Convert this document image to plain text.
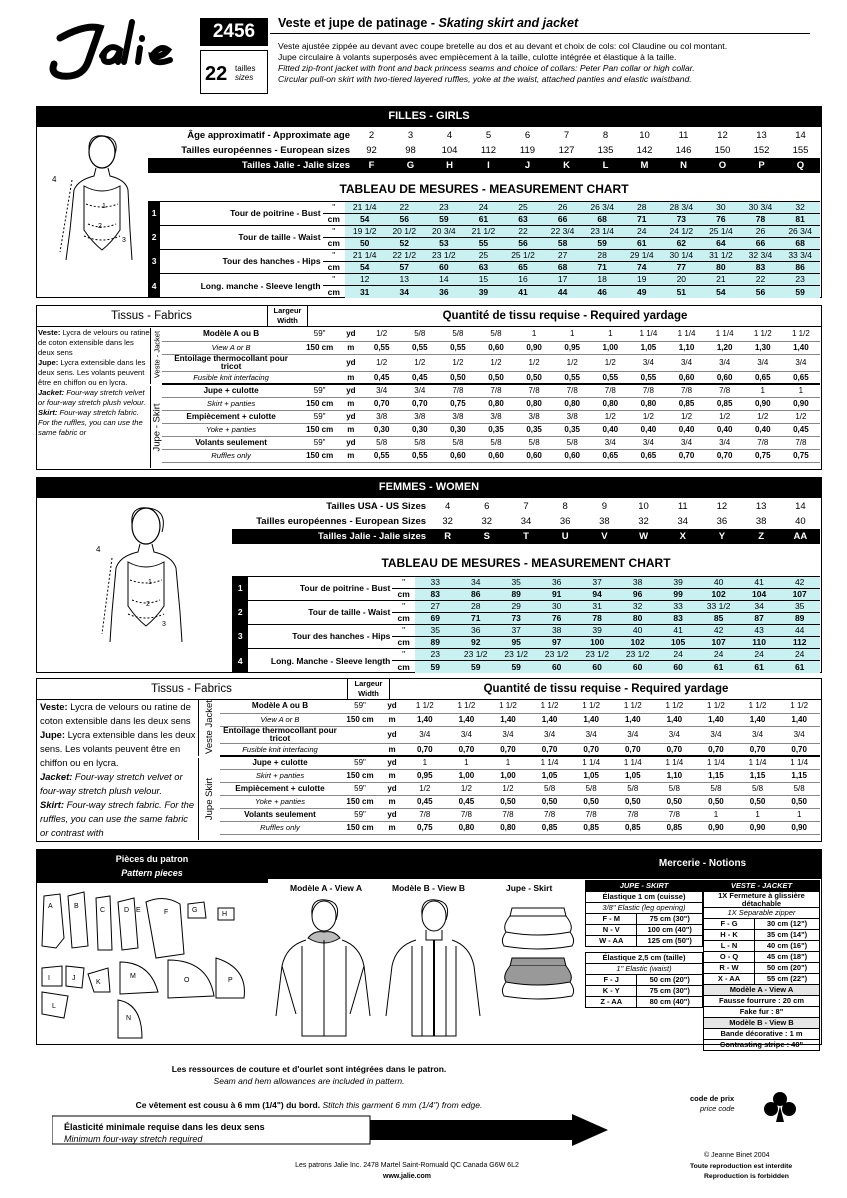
2456
22 tailles
sizes
Veste et jupe de patinage - Skating skirt and jacket
Veste ajustée zippée au devant avec coupe bretelle au dos et au devant et choix de cols: col Claudine ou col montant.
Jupe circulaire à volants superposés avec empiècement à la taille, culotte intégrée et élastique à la taille.
Fitted zip-front jacket with front and back princess seams and choice of collars: Peter Pan collar or high collar.
Circular pull-on skirt with two-tiered layered ruffles, yoke at the waist, attached panties and elastic waistband.
FILLES - GIRLS
4
1
2
3
Âge approximatif - Approximate age	2	3	4	5	6	7	8	10	11	12	13	14
Tailles européennes - European sizes	92	98	104	112	119	127	135	142	146	150	152	155
Tailles Jalie - Jalie sizes	F	G	H	I	J	K	L	M	N	O	P	Q
TABLEAU DE MESURES - MEASUREMENT CHART
1	Tour de poitrine - Bust	"	21 1/4	22	23	24	25	26	26 3/4	28	28 3/4	30	30 3/4	32
		cm	54	56	59	61	63	66	68	71	73	76	78	81
2	Tour de taille - Waist	"	19 1/2	20 1/2	20 3/4	21 1/2	22	22 3/4	23 1/4	24	24 1/2	25 1/4	26	26 3/4
		cm	50	52	53	55	56	58	59	61	62	64	66	68
3	Tour des hanches - Hips	"	21 1/4	22 1/2	23 1/2	25	25 1/2	27	28	29 1/4	30 1/4	31 1/2	32 3/4	33 3/4
		cm	54	57	60	63	65	68	71	74	77	80	83	86
4	Long. manche - Sleeve length	"	12	13	14	15	16	17	18	19	20	21	22	23
		cm	31	34	36	39	41	44	46	49	51	54	56	59
Tissus - Fabrics	Largeur Width	Quantité de tissu requise - Required yardage
Veste: Lycra de velours ou ratine de coton extensible dans les deux sens
Jupe: Lycra extensible dans les deux sens. Les volants peuvent être en chiffon ou en lycra.
Jacket: Four-way stretch velvet or four-way stretch plush velour.
Skirt: Four-way stretch fabric. For the ruffles, you can use the same fabric or
Veste - Jacket
Jupe - Skirt
Modèle A ou B	59"	yd	1/2	5/8	5/8	5/8	1	1	1	1 1/4	1 1/4	1 1/4	1 1/2	1 1/2
View A or B	150 cm	m	0,55	0,55	0,55	0,60	0,90	0,95	1,00	1,05	1,10	1,20	1,30	1,40
Entoilage thermocollant pour tricot		yd	1/2	1/2	1/2	1/2	1/2	1/2	1/2	3/4	3/4	3/4	3/4	3/4
Fusible knit interfacing		m	0,45	0,45	0,50	0,50	0,50	0,55	0,55	0,55	0,60	0,60	0,65	0,65
Jupe + culotte	59"	yd	3/4	3/4	7/8	7/8	7/8	7/8	7/8	7/8	7/8	7/8	1	1
Skirt + panties	150 cm	m	0,70	0,70	0,75	0,80	0,80	0,80	0,80	0,80	0,85	0,85	0,90	0,90
Empiècement + culotte	59"	yd	3/8	3/8	3/8	3/8	3/8	3/8	1/2	1/2	1/2	1/2	1/2	1/2
Yoke + panties	150 cm	m	0,30	0,30	0,30	0,35	0,35	0,35	0,40	0,40	0,40	0,40	0,40	0,45
Volants seulement	59"	yd	5/8	5/8	5/8	5/8	5/8	5/8	3/4	3/4	3/4	3/4	7/8	7/8
Ruffles only	150 cm	m	0,55	0,55	0,60	0,60	0,60	0,60	0,65	0,65	0,70	0,70	0,75	0,75
FEMMES - WOMEN
4
1
2
3
Tailles USA - US Sizes	4	6	7	8	9	10	11	12	13	14
Tailles européennes - European Sizes	32	32	34	36	38	32	34	36	38	40
Tailles Jalie - Jalie sizes	R	S	T	U	V	W	X	Y	Z	AA
TABLEAU DE MESURES - MEASUREMENT CHART
1	Tour de poitrine - Bust	"	33	34	35	36	37	38	39	40	41	42
		cm	83	86	89	91	94	96	99	102	104	107
2	Tour de taille - Waist	"	27	28	29	30	31	32	33	33 1/2	34	35
		cm	69	71	73	76	78	80	83	85	87	89
3	Tour des hanches - Hips	"	35	36	37	38	39	40	41	42	43	44
		cm	89	92	95	97	100	102	105	107	110	112
4	Long. Manche - Sleeve length	"	23	23 1/2	23 1/2	23 1/2	23 1/2	23 1/2	24	24	24	24
		cm	59	59	59	60	60	60	60	61	61	61
Tissus - Fabrics	Largeur Width	Quantité de tissu requise - Required yardage
Veste: Lycra de velours ou ratine de coton extensible dans les deux sens
Jupe: Lycra extensible dans les deux sens. Les volants peuvent être en chiffon ou en lycra.
Jacket: Four-way stretch velvet or four-way stretch plush velour.
Skirt: Four-way strech fabric. For the ruffles, you can use the same fabric or contrast with
Veste Jacket
Jupe Skirt
Modèle A ou B	59"	yd	1 1/2	1 1/2	1 1/2	1 1/2	1 1/2	1 1/2	1 1/2	1 1/2	1 1/2	1 1/2
View A or B	150 cm	m	1,40	1,40	1,40	1,40	1,40	1,40	1,40	1,40	1,40	1,40
Entoilage thermocollant pour tricot		yd	3/4	3/4	3/4	3/4	3/4	3/4	3/4	3/4	3/4	3/4
Fusible knit interfacing		m	0,70	0,70	0,70	0,70	0,70	0,70	0,70	0,70	0,70	0,70
Jupe + culotte	59"	yd	1	1	1	1 1/4	1 1/4	1 1/4	1 1/4	1 1/4	1 1/4	1 1/4
Skirt + panties	150 cm	m	0,95	1,00	1,00	1,05	1,05	1,05	1,10	1,15	1,15	1,15
Empiècement + culotte	59"	yd	1/2	1/2	1/2	5/8	5/8	5/8	5/8	5/8	5/8	5/8
Yoke + panties	150 cm	m	0,45	0,45	0,50	0,50	0,50	0,50	0,50	0,50	0,50	0,50
Volants seulement	59"	yd	7/8	7/8	7/8	7/8	7/8	7/8	7/8	1	1	1
Ruffles only	150 cm	m	0,75	0,80	0,80	0,85	0,85	0,85	0,85	0,90	0,90	0,90
Pièces du patron
Pattern pieces
Mercerie - Notions
A	B
C	D E	F	G
H
I	J
K
L
M
N
O	P
Modèle A - View A	Modèle B - View B	Jupe - Skirt	JUPE - SKIRT	
Élastique 1 cm (cuisse)	
3/8" Elastic (leg opening)	
F - M	75 cm (30")
N - V	100 cm (40")
W - AA	125 cm (50")

Élastique 2,5 cm (taille)	
1" Elastic (waist)	
F - J	50 cm (20")
K - Y	75 cm (30")
Z - AA	80 cm (40")
VESTE - JACKET	
1X Fermeture à glissière détachable	
1X Separable zipper	
F - G	30 cm (12")
H - K	35 cm (14")
L - N	40 cm (16")
O - Q	45 cm (18")
R - W	50 cm (20")
X - AA	55 cm (22")
Modèle A - View A	
Fausse fourrure : 20 cm	
Fake fur : 8"	
Modèle B - View B	
Bande décorative : 1 m	
Contrasting stripe : 40"	
Les ressources de couture et d'ourlet sont intégrées dans le patron.
Seam and hem allowances are included in pattern.
Ce vêtement est cousu à 6 mm (1/4") du bord. Stitch this garment 6 mm (1/4") from edge.
Élasticité minimale requise dans les deux sens
Minimum four-way stretch required
code de prix
price code
© Jeanne Binet 2004
Toute reproduction est interdite
Reproduction is forbidden
Les patrons Jalie Inc. 2478 Martel Saint-Romuald QC Canada G6W 6L2
www.jalie.com
